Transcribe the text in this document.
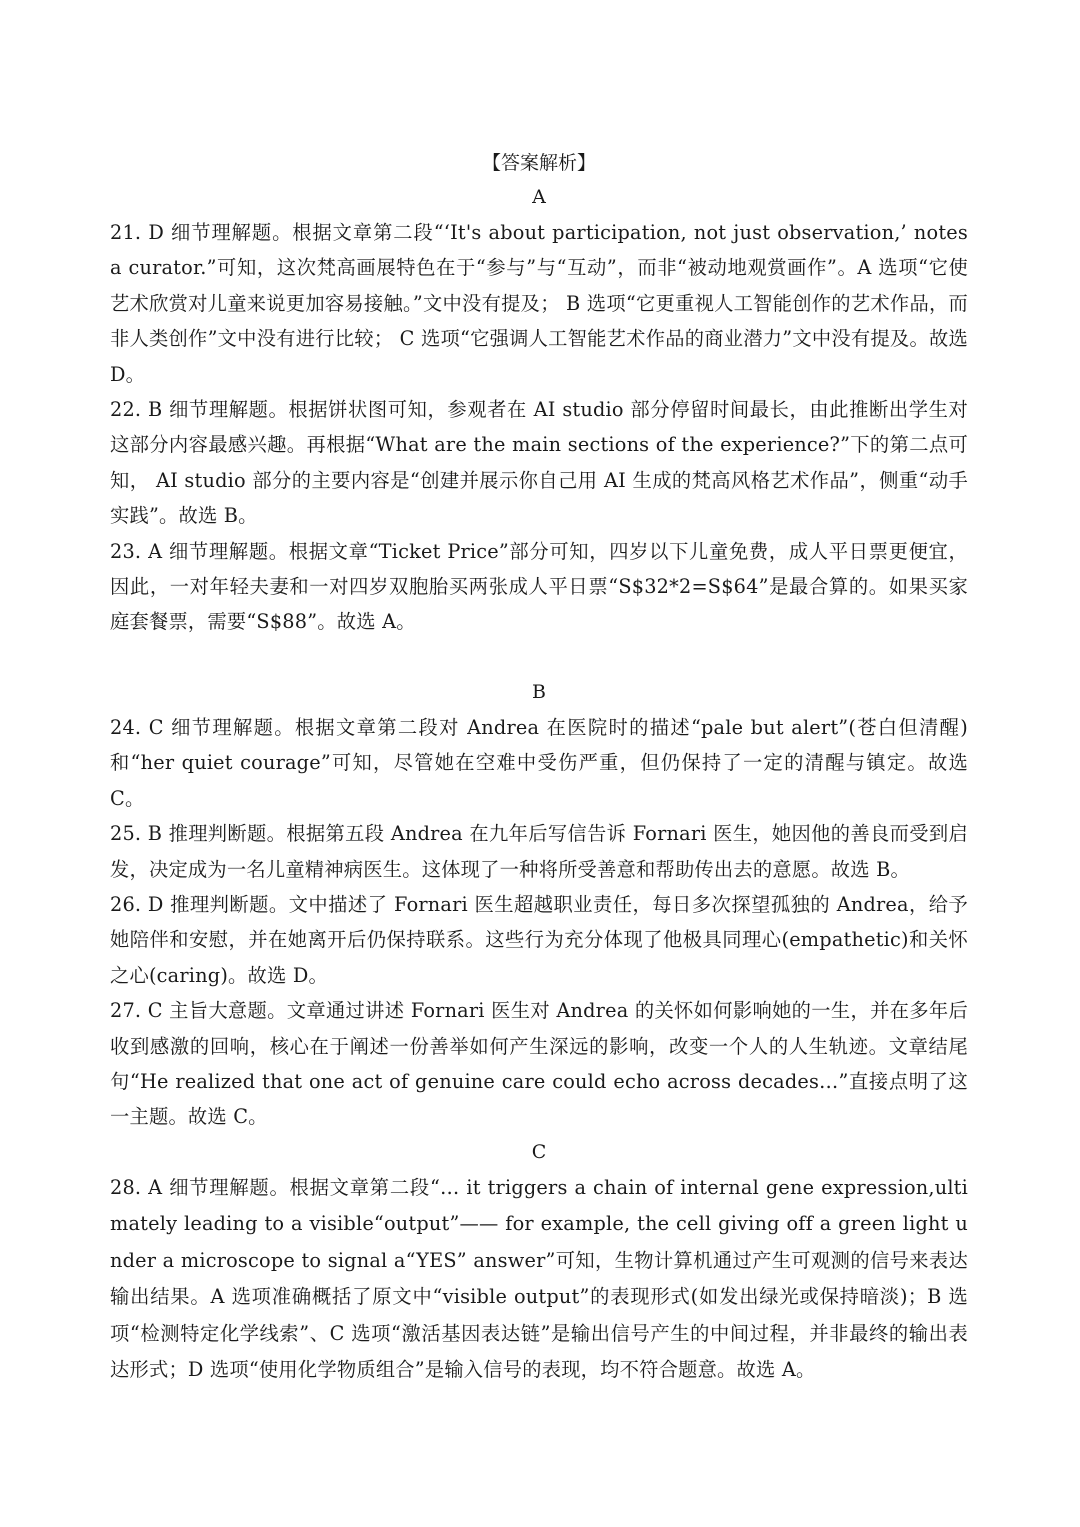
【答案解析】

A

21. D 细节理解题。根据文章第二段“‘It's about participation, not just observation,’ notes a curator.”可知，这次梵高画展特色在于“参与”与“互动”，而非“被动地观赏画作”。A 选项“它使艺术欣赏对儿童来说更加容易接触。”文中没有提及； B 选项“它更重视人工智能创作的艺术作品，而非人类创作”文中没有进行比较； C 选项“它强调人工智能艺术作品的商业潜力”文中没有提及。故选 D。

22. B 细节理解题。根据饼状图可知，参观者在 AI studio 部分停留时间最长，由此推断出学生对这部分内容最感兴趣。再根据“What are the main sections of the experience?”下的第二点可知， AI studio 部分的主要内容是“创建并展示你自己用 AI 生成的梵高风格艺术作品”，侧重“动手实践”。故选 B。

23. A 细节理解题。根据文章“Ticket Price”部分可知，四岁以下儿童免费，成人平日票更便宜，因此，一对年轻夫妻和一对四岁双胞胎买两张成人平日票“S$32*2=S$64”是最合算的。如果买家庭套餐票，需要“S$88”。故选 A。

B

24. C 细节理解题。根据文章第二段对 Andrea 在医院时的描述“pale but alert”(苍白但清醒)和“her quiet courage”可知，尽管她在空难中受伤严重，但仍保持了一定的清醒与镇定。故选 C。

25. B 推理判断题。根据第五段 Andrea 在九年后写信告诉 Fornari 医生，她因他的善良而受到启发，决定成为一名儿童精神病医生。这体现了一种将所受善意和帮助传出去的意愿。故选 B。

26. D 推理判断题。文中描述了 Fornari 医生超越职业责任，每日多次探望孤独的 Andrea，给予她陪伴和安慰，并在她离开后仍保持联系。这些行为充分体现了他极具同理心(empathetic)和关怀之心(caring)。故选 D。

27. C 主旨大意题。文章通过讲述 Fornari 医生对 Andrea 的关怀如何影响她的一生，并在多年后收到感激的回响，核心在于阐述一份善举如何产生深远的影响，改变一个人的人生轨迹。文章结尾句“He realized that one act of genuine care could echo across decades…”直接点明了这一主题。故选 C。

C

28. A 细节理解题。根据文章第二段“… it triggers a chain of internal gene expression,ultimately leading to a visible“output”—— for example, the cell giving off a green light under a microscope to signal a“YES” answer”可知，生物计算机通过产生可观测的信号来表达输出结果。A 选项准确概括了原文中“visible output”的表现形式(如发出绿光或保持暗淡)；B 选项“检测特定化学线索”、C 选项“激活基因表达链”是输出信号产生的中间过程，并非最终的输出表达形式；D 选项“使用化学物质组合”是输入信号的表现，均不符合题意。故选 A。
